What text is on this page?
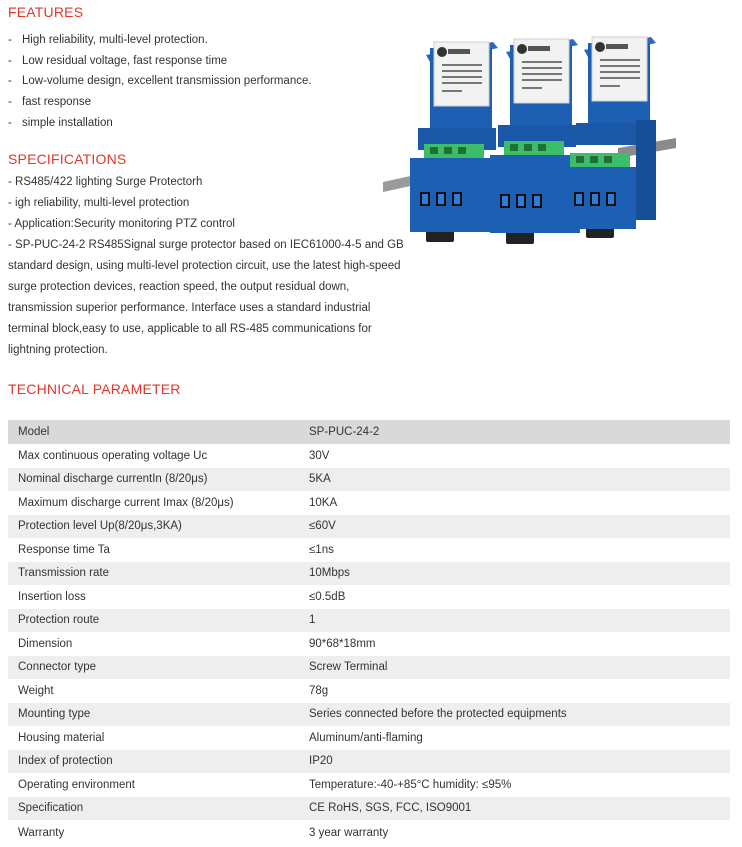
FEATURES
- High reliability, multi-level protection.
- Low residual voltage, fast response time
- Low-volume design, excellent transmission performance.
- fast response
- simple installation
SPECIFICATIONS
- RS485/422 lighting Surge Protectorh
- igh reliability, multi-level protection
- Application:Security monitoring PTZ control
- SP-PUC-24-2 RS485Signal surge protector based on IEC61000-4-5 and GB
standard design, using multi-level protection circuit, use the latest high-speed
surge protection devices, reaction speed, the output residual down,
transmission superior performance. Interface uses a standard industrial
terminal block,easy to use, applicable to all RS-485 communications for
lightning protection.
TECHNICAL PARAMETER
Model	SP-PUC-24-2
Max continuous operating voltage Uc	30V
Nominal discharge currentIn (8/20μs)	5KA
Maximum discharge current Imax (8/20μs)	10KA
Protection level Up(8/20μs,3KA)	≤60V
Response time Ta	≤1ns
Transmission rate	10Mbps
Insertion loss	≤0.5dB
Protection route	1
Dimension	90*68*18mm
Connector type	Screw Terminal
Weight	78g
Mounting type	Series connected before the protected equipments
Housing material	Aluminum/anti-flaming
Index of protection	IP20
Operating environment	Temperature:-40-+85°C humidity: ≤95%
Specification	CE RoHS, SGS, FCC, ISO9001
Warranty	3 year warranty
